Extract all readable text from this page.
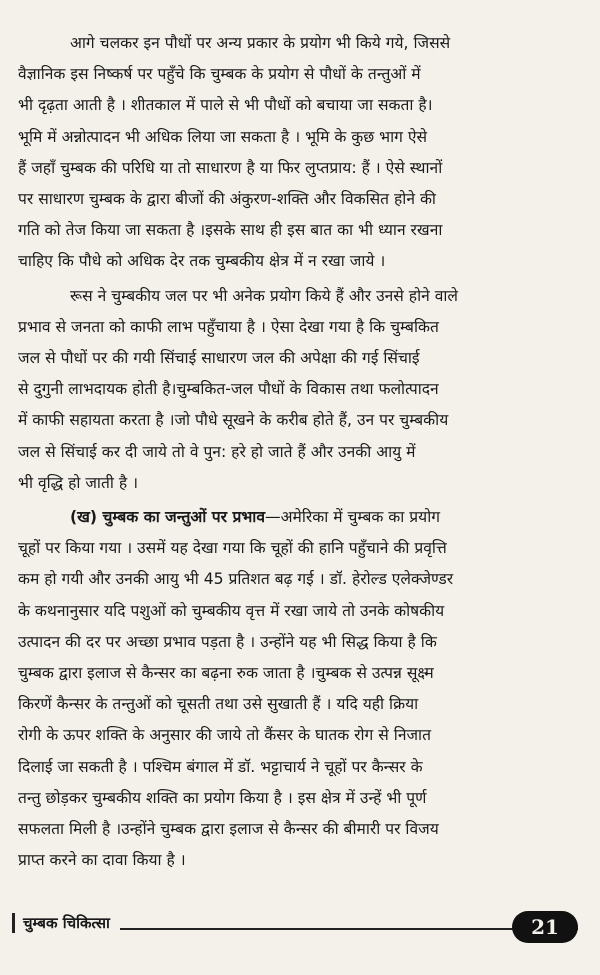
आगे चलकर इन पौधों पर अन्य प्रकार के प्रयोग भी किये गये, जिससे
वैज्ञानिक इस निष्कर्ष पर पहुँचे कि चुम्बक के प्रयोग से पौधों के तन्तुओं में
भी दृढ़ता आती है । शीतकाल में पाले से भी पौधों को बचाया जा सकता है।
भूमि में अन्नोत्पादन भी अधिक लिया जा सकता है । भूमि के कुछ भाग ऐसे
हैं जहाँ चुम्बक की परिधि या तो साधारण है या फिर लुप्तप्राय: हैं । ऐसे स्थानों
पर साधारण चुम्बक के द्वारा बीजों की अंकुरण-शक्ति और विकसित होने की
गति को तेज किया जा सकता है ।इसके साथ ही इस बात का भी ध्यान रखना
चाहिए कि पौधे को अधिक देर तक चुम्बकीय क्षेत्र में न रखा जाये ।

रूस ने चुम्बकीय जल पर भी अनेक प्रयोग किये हैं और उनसे होने वाले
प्रभाव से जनता को काफी लाभ पहुँचाया है । ऐसा देखा गया है कि चुम्बकित
जल से पौधों पर की गयी सिंचाई साधारण जल की अपेक्षा की गई सिंचाई
से दुगुनी लाभदायक होती है।चुम्बकित-जल पौधों के विकास तथा फलोत्पादन
में काफी सहायता करता है ।जो पौधे सूखने के करीब होते हैं, उन पर चुम्बकीय
जल से सिंचाई कर दी जाये तो वे पुन: हरे हो जाते हैं और उनकी आयु में
भी वृद्धि हो जाती है ।

(ख) चुम्बक का जन्तुओं पर प्रभाव—अमेरिका में चुम्बक का प्रयोग
चूहों पर किया गया । उसमें यह देखा गया कि चूहों की हानि पहुँचाने की प्रवृत्ति
कम हो गयी और उनकी आयु भी 45 प्रतिशत बढ़ गई । डॉ. हेरोल्ड एलेक्जेण्डर
के कथनानुसार यदि पशुओं को चुम्बकीय वृत्त में रखा जाये तो उनके कोषकीय
उत्पादन की दर पर अच्छा प्रभाव पड़ता है । उन्होंने यह भी सिद्ध किया है कि
चुम्बक द्वारा इलाज से कैन्सर का बढ़ना रुक जाता है ।चुम्बक से उत्पन्न सूक्ष्म
किरणें कैन्सर के तन्तुओं को चूसती तथा उसे सुखाती हैं । यदि यही क्रिया
रोगी के ऊपर शक्ति के अनुसार की जाये तो कैंसर के घातक रोग से निजात
दिलाई जा सकती है । पश्चिम बंगाल में डॉ. भट्टाचार्य ने चूहों पर कैन्सर के
तन्तु छोड़कर चुम्बकीय शक्ति का प्रयोग किया है । इस क्षेत्र में उन्हें भी पूर्ण
सफलता मिली है ।उन्होंने चुम्बक द्वारा इलाज से कैन्सर की बीमारी पर विजय
प्राप्त करने का दावा किया है ।

चुम्बक चिकित्सा	21
